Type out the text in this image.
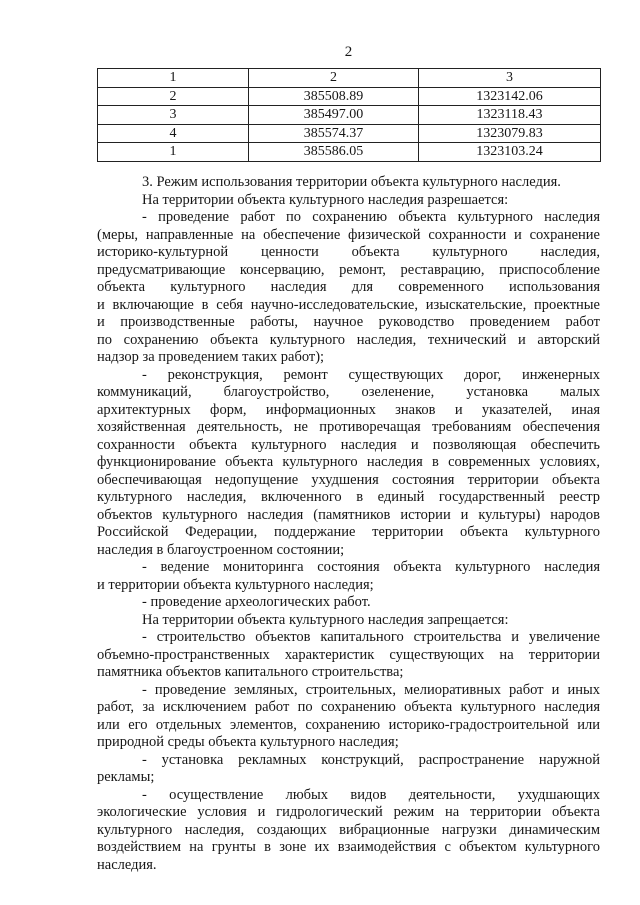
2
1	2	3
2	385508.89	1323142.06
3	385497.00	1323118.43
4	385574.37	1323079.83
1	385586.05	1323103.24
3. Режим использования территории объекта культурного наследия.
На территории объекта культурного наследия разрешается:
- проведение работ по сохранению объекта культурного наследия
(меры, направленные на обеспечение физической сохранности и сохранение
историко-культурной ценности объекта культурного наследия,
предусматривающие консервацию, ремонт, реставрацию, приспособление
объекта культурного наследия для современного использования
и включающие в себя научно-исследовательские, изыскательские, проектные
и производственные работы, научное руководство проведением работ
по сохранению объекта культурного наследия, технический и авторский
надзор за проведением таких работ);
- реконструкция, ремонт существующих дорог, инженерных
коммуникаций, благоустройство, озеленение, установка малых
архитектурных форм, информационных знаков и указателей, иная
хозяйственная деятельность, не противоречащая требованиям обеспечения
сохранности объекта культурного наследия и позволяющая обеспечить
функционирование объекта культурного наследия в современных условиях,
обеспечивающая недопущение ухудшения состояния территории объекта
культурного наследия, включенного в единый государственный реестр
объектов культурного наследия (памятников истории и культуры) народов
Российской Федерации, поддержание территории объекта культурного
наследия в благоустроенном состоянии;
- ведение мониторинга состояния объекта культурного наследия
и территории объекта культурного наследия;
- проведение археологических работ.
На территории объекта культурного наследия запрещается:
- строительство объектов капитального строительства и увеличение
объемно-пространственных характеристик существующих на территории
памятника объектов капитального строительства;
- проведение земляных, строительных, мелиоративных работ и иных
работ, за исключением работ по сохранению объекта культурного наследия
или его отдельных элементов, сохранению историко-градостроительной или
природной среды объекта культурного наследия;
- установка рекламных конструкций, распространение наружной
рекламы;
- осуществление любых видов деятельности, ухудшающих
экологические условия и гидрологический режим на территории объекта
культурного наследия, создающих вибрационные нагрузки динамическим
воздействием на грунты в зоне их взаимодействия с объектом культурного
наследия.
